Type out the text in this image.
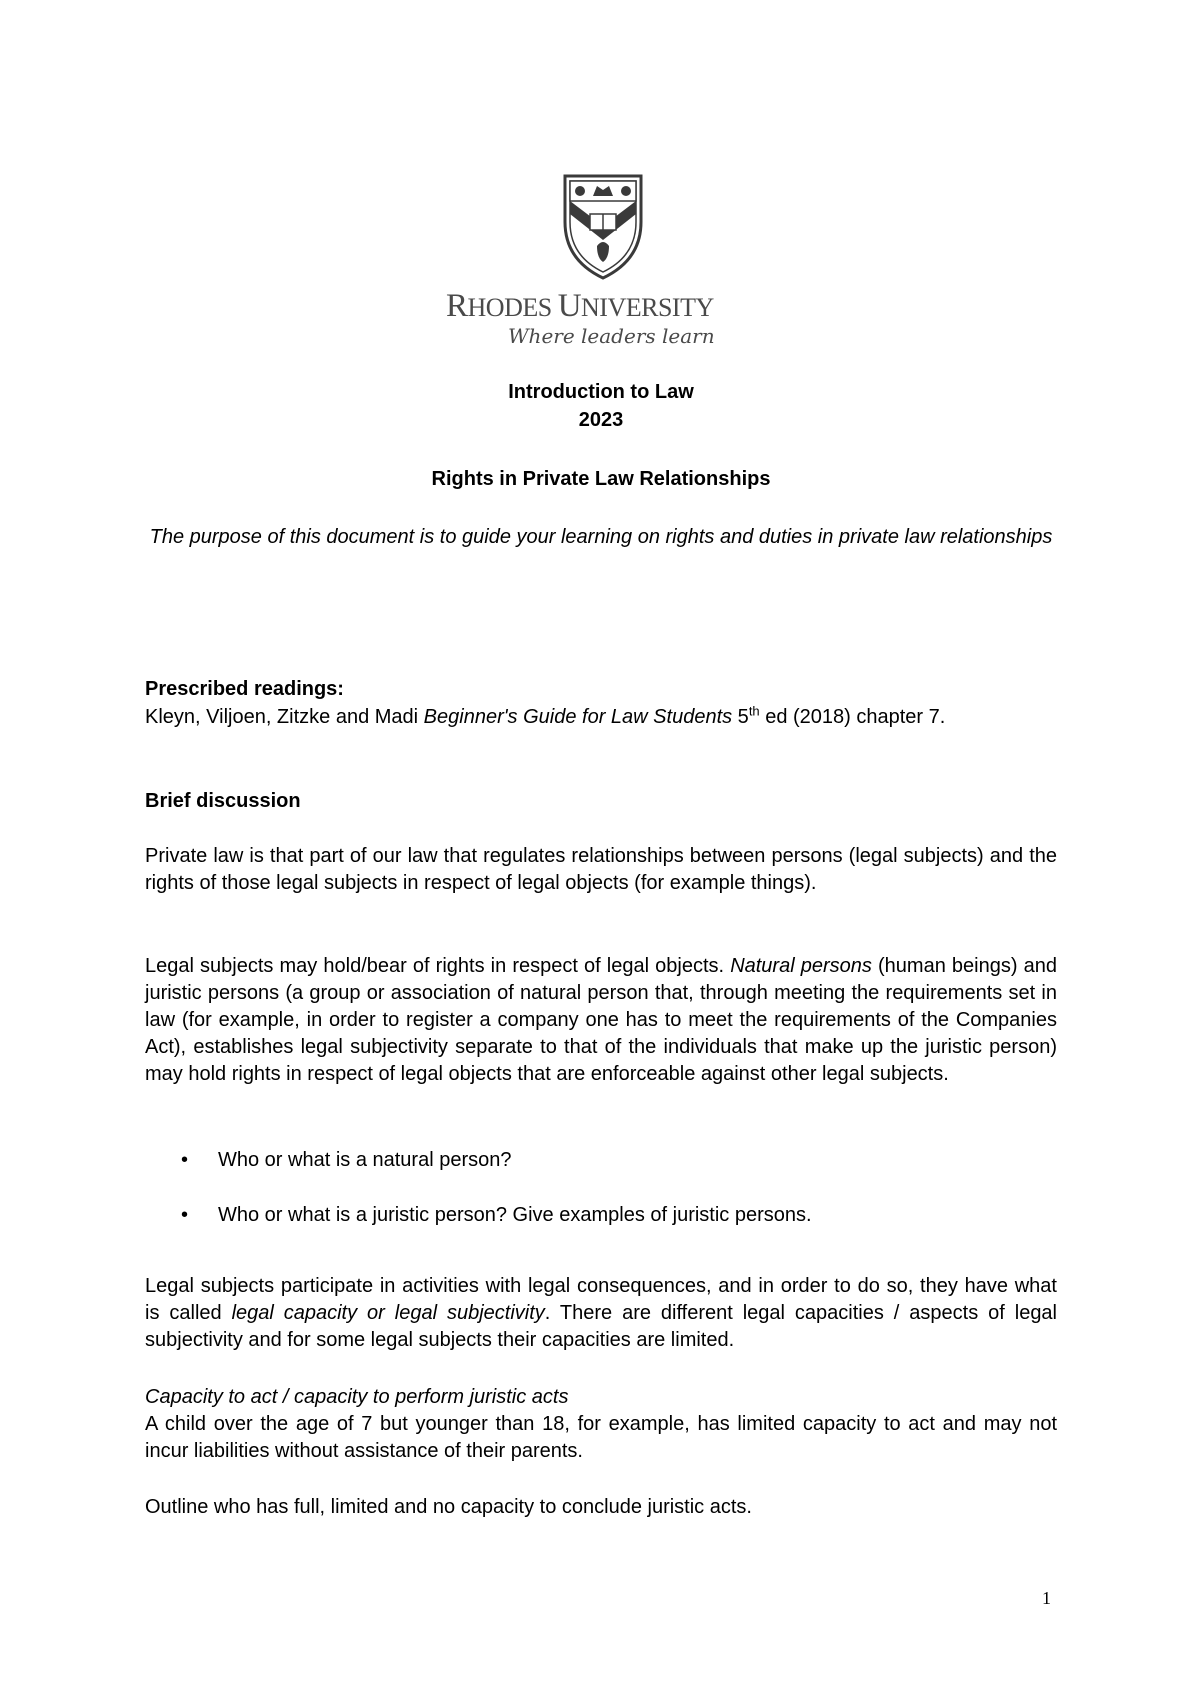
RHODES UNIVERSITY
Where leaders learn
Introduction to Law
2023
Rights in Private Law Relationships
The purpose of this document is to guide your learning on rights and duties in private law relationships
Prescribed readings:
Kleyn, Viljoen, Zitzke and Madi Beginner's Guide for Law Students 5th ed (2018) chapter 7.
Brief discussion
Private law is that part of our law that regulates relationships between persons (legal subjects) and the rights of those legal subjects in respect of legal objects (for example things).
Legal subjects may hold/bear of rights in respect of legal objects. Natural persons (human beings) and juristic persons (a group or association of natural person that, through meeting the requirements set in law (for example, in order to register a company one has to meet the requirements of the Companies Act), establishes legal subjectivity separate to that of the individuals that make up the juristic person) may hold rights in respect of legal objects that are enforceable against other legal subjects.
• Who or what is a natural person?
• Who or what is a juristic person? Give examples of juristic persons.
Legal subjects participate in activities with legal consequences, and in order to do so, they have what is called legal capacity or legal subjectivity. There are different legal capacities / aspects of legal subjectivity and for some legal subjects their capacities are limited.
Capacity to act / capacity to perform juristic acts
A child over the age of 7 but younger than 18, for example, has limited capacity to act and may not incur liabilities without assistance of their parents.
Outline who has full, limited and no capacity to conclude juristic acts.
1
